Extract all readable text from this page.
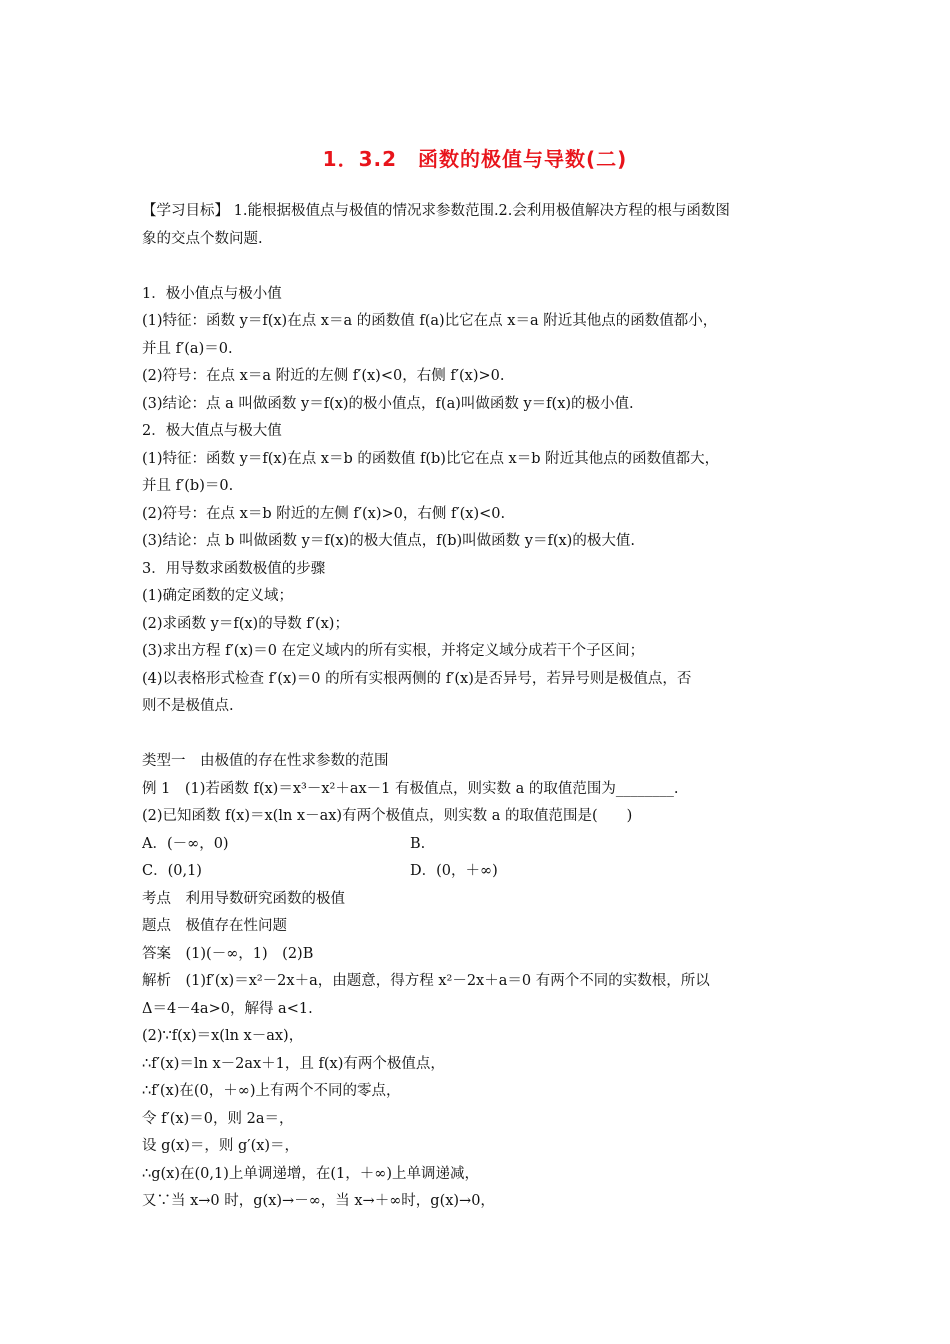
1．3.2　函数的极值与导数(二)
【学习目标】 1.能根据极值点与极值的情况求参数范围.2.会利用极值解决方程的根与函数图
象的交点个数问题.
1．极小值点与极小值
(1)特征：函数 y＝f(x)在点 x＝a 的函数值 f(a)比它在点 x＝a 附近其他点的函数值都小，
并且 f′(a)＝0.
(2)符号：在点 x＝a 附近的左侧 f′(x)<0，右侧 f′(x)>0.
(3)结论：点 a 叫做函数 y＝f(x)的极小值点，f(a)叫做函数 y＝f(x)的极小值.
2．极大值点与极大值
(1)特征：函数 y＝f(x)在点 x＝b 的函数值 f(b)比它在点 x＝b 附近其他点的函数值都大，
并且 f′(b)＝0.
(2)符号：在点 x＝b 附近的左侧 f′(x)>0，右侧 f′(x)<0.
(3)结论：点 b 叫做函数 y＝f(x)的极大值点，f(b)叫做函数 y＝f(x)的极大值.
3．用导数求函数极值的步骤
(1)确定函数的定义域；
(2)求函数 y＝f(x)的导数 f′(x)；
(3)求出方程 f′(x)＝0 在定义域内的所有实根，并将定义域分成若干个子区间；
(4)以表格形式检查 f′(x)＝0 的所有实根两侧的 f′(x)是否异号，若异号则是极值点，否
则不是极值点.
类型一　由极值的存在性求参数的范围
例 1　(1)若函数 f(x)＝x³－x²＋ax－1 有极值点，则实数 a 的取值范围为________.
(2)已知函数 f(x)＝x(ln x－ax)有两个极值点，则实数 a 的取值范围是(　　)
A．(－∞，0)	B.
C．(0,1)	D．(0，＋∞)
考点　利用导数研究函数的极值
题点　极值存在性问题
答案　(1)(－∞，1)　(2)B
解析　(1)f′(x)＝x²－2x＋a，由题意，得方程 x²－2x＋a＝0 有两个不同的实数根，所以
Δ＝4－4a>0，解得 a<1.
(2)∵f(x)＝x(ln x－ax)，
∴f′(x)＝ln x－2ax＋1，且 f(x)有两个极值点，
∴f′(x)在(0，＋∞)上有两个不同的零点，
令 f′(x)＝0，则 2a＝，
设 g(x)＝，则 g′(x)＝，
∴g(x)在(0,1)上单调递增，在(1，＋∞)上单调递减，
又∵当 x→0 时，g(x)→－∞，当 x→＋∞时，g(x)→0，
